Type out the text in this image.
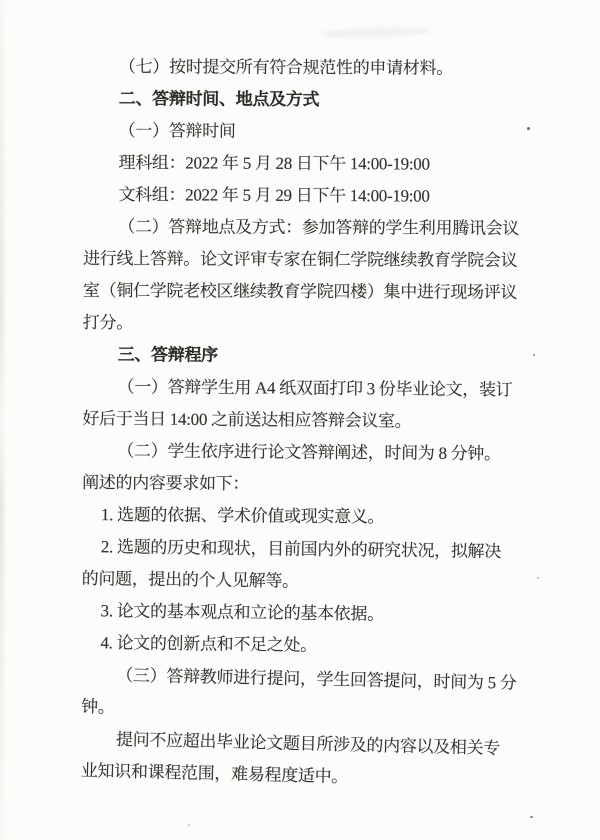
（七）按时提交所有符合规范性的申请材料。
二、答辩时间、地点及方式
（一）答辩时间
理科组：2022 年 5 月 28 日下午 14:00-19:00
文科组：2022 年 5 月 29 日下午 14:00-19:00
（二）答辩地点及方式：参加答辩的学生利用腾讯会议
进行线上答辩。论文评审专家在铜仁学院继续教育学院会议
室（铜仁学院老校区继续教育学院四楼）集中进行现场评议
打分。
三、答辩程序
（一）答辩学生用 A4 纸双面打印 3 份毕业论文，装订
好后于当日 14:00 之前送达相应答辩会议室。
（二）学生依序进行论文答辩阐述，时间为 8 分钟。
阐述的内容要求如下：
1. 选题的依据、学术价值或现实意义。
2. 选题的历史和现状，目前国内外的研究状况，拟解决
的问题，提出的个人见解等。
3. 论文的基本观点和立论的基本依据。
4. 论文的创新点和不足之处。
（三）答辩教师进行提问，学生回答提问，时间为 5 分
钟。
提问不应超出毕业论文题目所涉及的内容以及相关专
业知识和课程范围，难易程度适中。
